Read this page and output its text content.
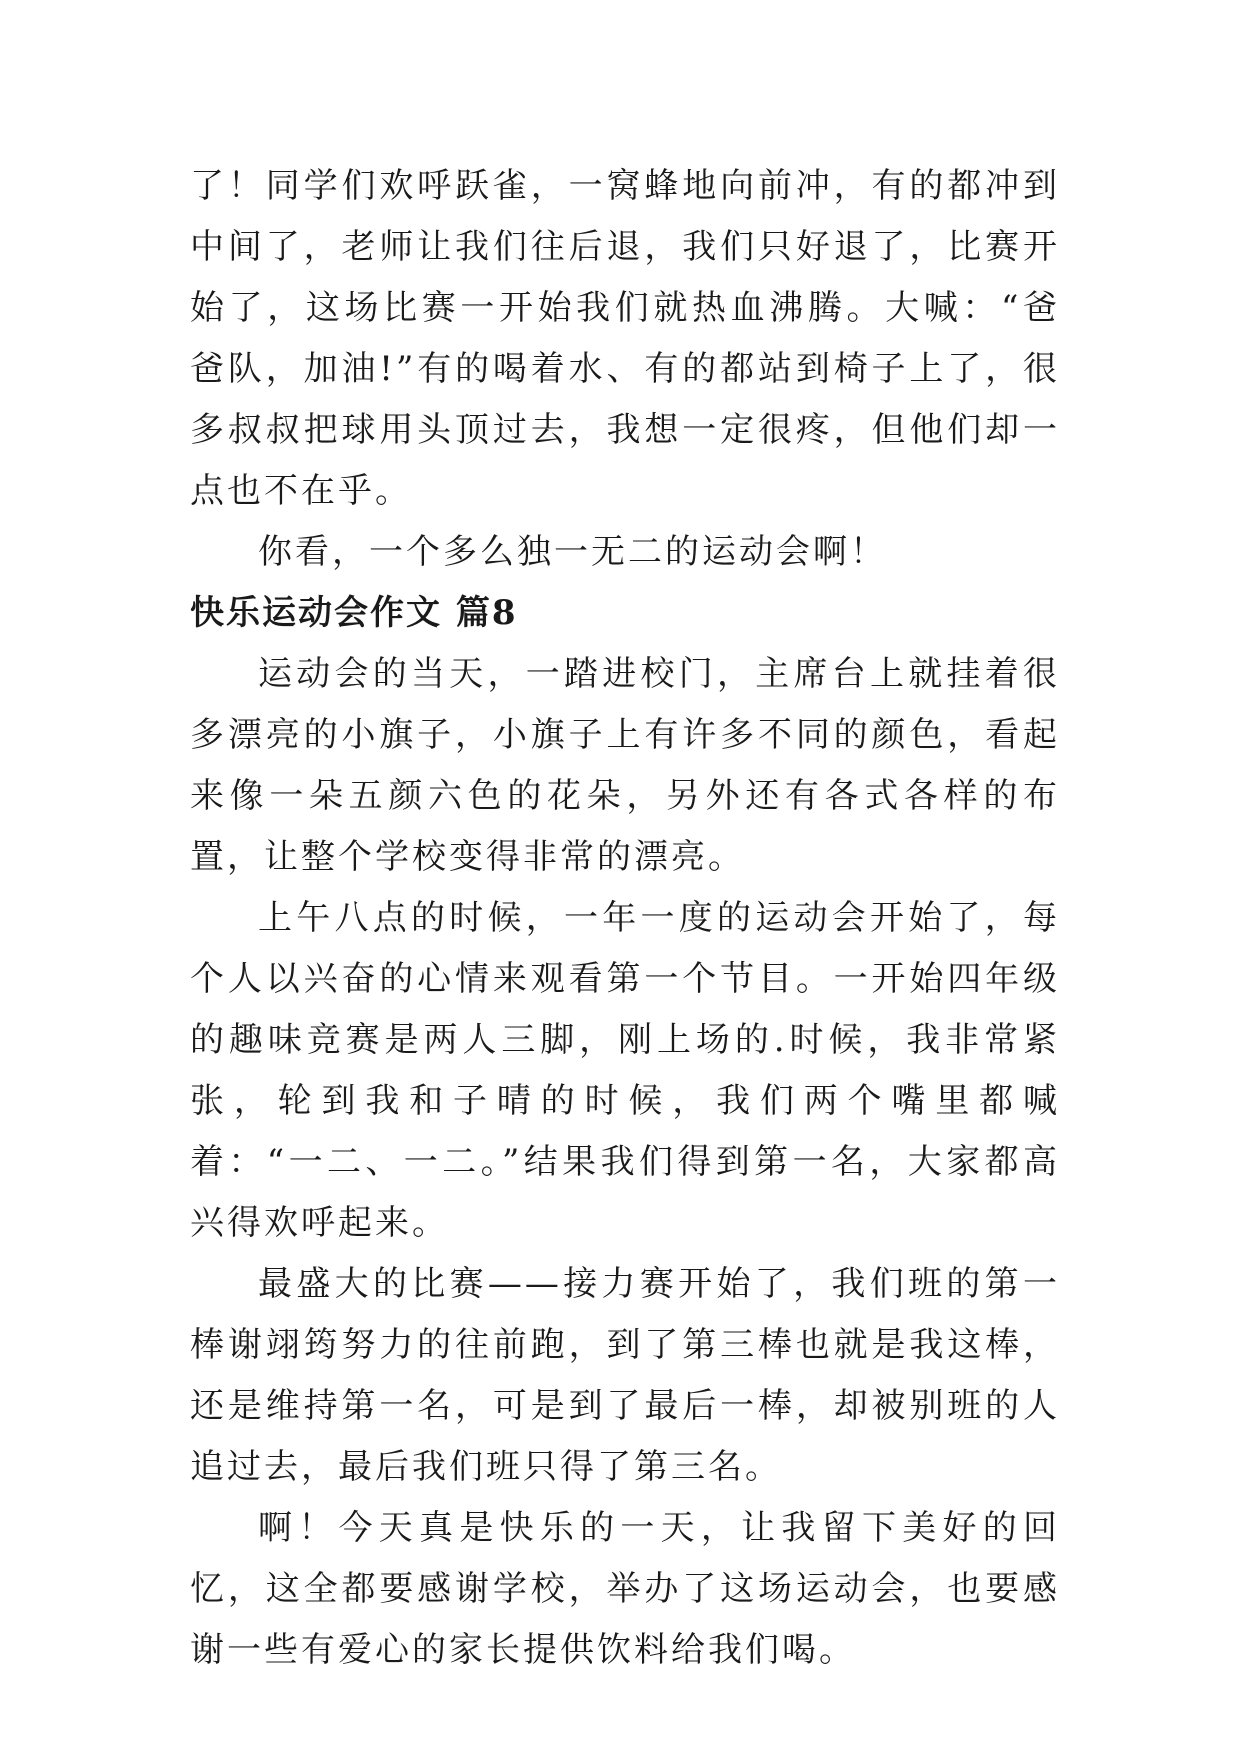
了！同学们欢呼跃雀，一窝蜂地向前冲，有的都冲到中间了，老师让我们往后退，我们只好退了，比赛开始了，这场比赛一开始我们就热血沸腾。大喊：“爸爸队，加油!”有的喝着水、有的都站到椅子上了，很多叔叔把球用头顶过去，我想一定很疼，但他们却一点也不在乎。

你看，一个多么独一无二的运动会啊！

快乐运动会作文 篇8

运动会的当天，一踏进校门，主席台上就挂着很多漂亮的小旗子，小旗子上有许多不同的颜色，看起来像一朵五颜六色的花朵，另外还有各式各样的布置，让整个学校变得非常的漂亮。

上午八点的时候，一年一度的运动会开始了，每个人以兴奋的心情来观看第一个节目。一开始四年级的趣味竞赛是两人三脚，刚上场的.时候，我非常紧张，轮到我和子晴的时候，我们两个嘴里都喊着：“一二、一二。”结果我们得到第一名，大家都高兴得欢呼起来。

最盛大的比赛——接力赛开始了，我们班的第一棒谢翊筠努力的往前跑，到了第三棒也就是我这棒，还是维持第一名，可是到了最后一棒，却被别班的人追过去，最后我们班只得了第三名。

啊！今天真是快乐的一天，让我留下美好的回忆，这全都要感谢学校，举办了这场运动会，也要感谢一些有爱心的家长提供饮料给我们喝。
